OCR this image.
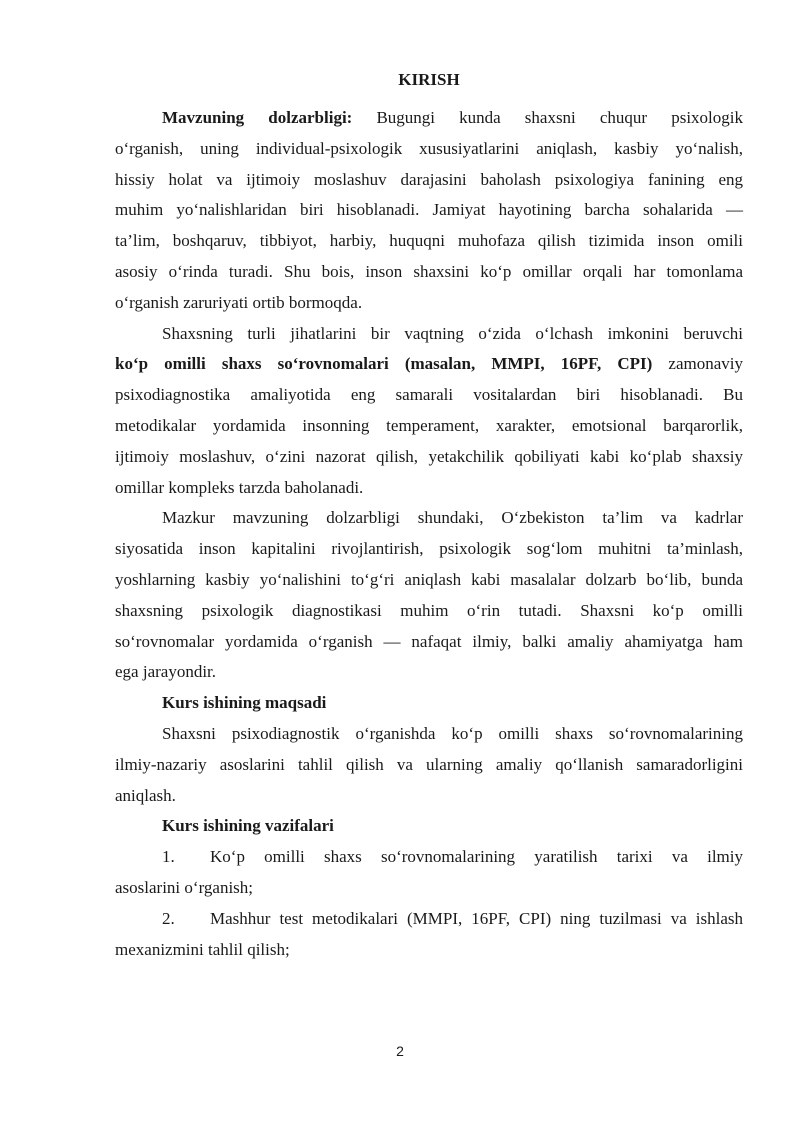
KIRISH

Mavzuning dolzarbligi: Bugungi kunda shaxsni chuqur psixologik
o‘rganish, uning individual-psixologik xususiyatlarini aniqlash, kasbiy yo‘nalish,
hissiy holat va ijtimoiy moslashuv darajasini baholash psixologiya fanining eng
muhim yo‘nalishlaridan biri hisoblanadi. Jamiyat hayotining barcha sohalarida —
ta’lim, boshqaruv, tibbiyot, harbiy, huquqni muhofaza qilish tizimida inson omili
asosiy o‘rinda turadi. Shu bois, inson shaxsini ko‘p omillar orqali har tomonlama
o‘rganish zaruriyati ortib bormoqda.

Shaxsning turli jihatlarini bir vaqtning o‘zida o‘lchash imkonini beruvchi
ko‘p omilli shaxs so‘rovnomalari (masalan, MMPI, 16PF, CPI) zamonaviy
psixodiagnostika amaliyotida eng samarali vositalardan biri hisoblanadi. Bu
metodikalar yordamida insonning temperament, xarakter, emotsional barqarorlik,
ijtimoiy moslashuv, o‘zini nazorat qilish, yetakchilik qobiliyati kabi ko‘plab shaxsiy
omillar kompleks tarzda baholanadi.

Mazkur mavzuning dolzarbligi shundaki, O‘zbekiston ta’lim va kadrlar
siyosatida inson kapitalini rivojlantirish, psixologik sog‘lom muhitni ta’minlash,
yoshlarning kasbiy yo‘nalishini to‘g‘ri aniqlash kabi masalalar dolzarb bo‘lib, bunda
shaxsning psixologik diagnostikasi muhim o‘rin tutadi. Shaxsni ko‘p omilli
so‘rovnomalar yordamida o‘rganish — nafaqat ilmiy, balki amaliy ahamiyatga ham
ega jarayondir.

Kurs ishining maqsadi

Shaxsni psixodiagnostik o‘rganishda ko‘p omilli shaxs so‘rovnomalarining
ilmiy-nazariy asoslarini tahlil qilish va ularning amaliy qo‘llanish samaradorligini
aniqlash.

Kurs ishining vazifalari

1. Ko‘p omilli shaxs so‘rovnomalarining yaratilish tarixi va ilmiy
asoslarini o‘rganish;

2. Mashhur test metodikalari (MMPI, 16PF, CPI) ning tuzilmasi va ishlash
mexanizmini tahlil qilish;

2
